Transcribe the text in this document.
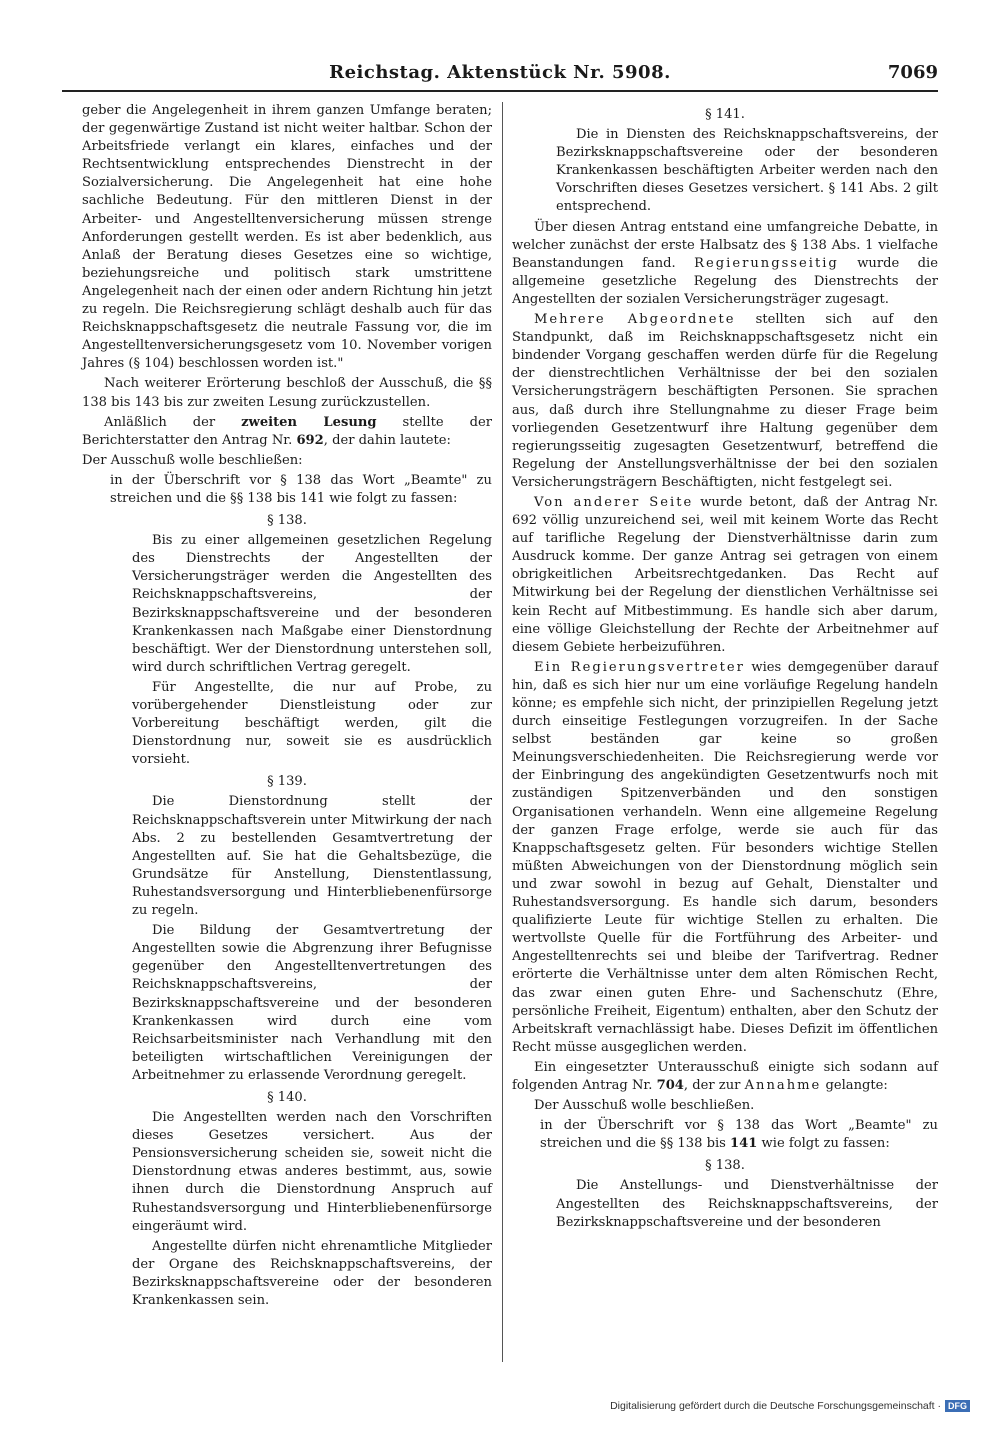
Reichstag. Aktenstück Nr. 5908.	7069

geber die Angelegenheit in ihrem ganzen Umfange beraten; der gegenwärtige Zustand ist nicht weiter haltbar. Schon der Arbeitsfriede verlangt ein klares, einfaches und der Rechtsentwicklung entsprechendes Dienstrecht in der Sozialversicherung. Die Angelegenheit hat eine hohe sachliche Bedeutung. Für den mittleren Dienst in der Arbeiter- und Angestelltenversicherung müssen strenge Anforderungen gestellt werden. Es ist aber bedenklich, aus Anlaß der Beratung dieses Gesetzes eine so wichtige, beziehungsreiche und politisch stark umstrittene Angelegenheit nach der einen oder andern Richtung hin jetzt zu regeln. Die Reichsregierung schlägt deshalb auch für das Reichsknappschaftsgesetz die neutrale Fassung vor, die im Angestelltenversicherungsgesetz vom 10. November vorigen Jahres (§ 104) beschlossen worden ist."

Nach weiterer Erörterung beschloß der Ausschuß, die §§ 138 bis 143 bis zur zweiten Lesung zurückzustellen.

Anläßlich der zweiten Lesung stellte der Berichterstatter den Antrag Nr. 692, der dahin lautete:

Der Ausschuß wolle beschließen:

in der Überschrift vor § 138 das Wort „Beamte" zu streichen und die §§ 138 bis 141 wie folgt zu fassen:

§ 138.

Bis zu einer allgemeinen gesetzlichen Regelung des Dienstrechts der Angestellten der Versicherungsträger werden die Angestellten des Reichsknappschaftsvereins, der Bezirksknappschaftsvereine und der besonderen Krankenkassen nach Maßgabe einer Dienstordnung beschäftigt. Wer der Dienstordnung unterstehen soll, wird durch schriftlichen Vertrag geregelt.

Für Angestellte, die nur auf Probe, zu vorübergehender Dienstleistung oder zur Vorbereitung beschäftigt werden, gilt die Dienstordnung nur, soweit sie es ausdrücklich vorsieht.

§ 139.

Die Dienstordnung stellt der Reichsknappschaftsverein unter Mitwirkung der nach Abs. 2 zu bestellenden Gesamtvertretung der Angestellten auf. Sie hat die Gehaltsbezüge, die Grundsätze für Anstellung, Dienstentlassung, Ruhestandsversorgung und Hinterbliebenenfürsorge zu regeln.

Die Bildung der Gesamtvertretung der Angestellten sowie die Abgrenzung ihrer Befugnisse gegenüber den Angestelltenvertretungen des Reichsknappschaftsvereins, der Bezirksknappschaftsvereine und der besonderen Krankenkassen wird durch eine vom Reichsarbeitsminister nach Verhandlung mit den beteiligten wirtschaftlichen Vereinigungen der Arbeitnehmer zu erlassende Verordnung geregelt.

§ 140.

Die Angestellten werden nach den Vorschriften dieses Gesetzes versichert. Aus der Pensionsversicherung scheiden sie, soweit nicht die Dienstordnung etwas anderes bestimmt, aus, sowie ihnen durch die Dienstordnung Anspruch auf Ruhestandsversorgung und Hinterbliebenenfürsorge eingeräumt wird.

Angestellte dürfen nicht ehrenamtliche Mitglieder der Organe des Reichsknappschaftsvereins, der Bezirksknappschaftsvereine oder der besonderen Krankenkassen sein.

§ 141.

Die in Diensten des Reichsknappschaftsvereins, der Bezirksknappschaftsvereine oder der besonderen Krankenkassen beschäftigten Arbeiter werden nach den Vorschriften dieses Gesetzes versichert. § 141 Abs. 2 gilt entsprechend.

Über diesen Antrag entstand eine umfangreiche Debatte, in welcher zunächst der erste Halbsatz des § 138 Abs. 1 vielfache Beanstandungen fand. Regierungsseitig wurde die allgemeine gesetzliche Regelung des Dienstrechts der Angestellten der sozialen Versicherungsträger zugesagt.

Mehrere Abgeordnete stellten sich auf den Standpunkt, daß im Reichsknappschaftsgesetz nicht ein bindender Vorgang geschaffen werden dürfe für die Regelung der dienstrechtlichen Verhältnisse der bei den sozialen Versicherungsträgern beschäftigten Personen. Sie sprachen aus, daß durch ihre Stellungnahme zu dieser Frage beim vorliegenden Gesetzentwurf ihre Haltung gegenüber dem regierungsseitig zugesagten Gesetzentwurf, betreffend die Regelung der Anstellungsverhältnisse der bei den sozialen Versicherungsträgern Beschäftigten, nicht festgelegt sei.

Von anderer Seite wurde betont, daß der Antrag Nr. 692 völlig unzureichend sei, weil mit keinem Worte das Recht auf tarifliche Regelung der Dienstverhältnisse darin zum Ausdruck komme. Der ganze Antrag sei getragen von einem obrigkeitlichen Arbeitsrechtgedanken. Das Recht auf Mitwirkung bei der Regelung der dienstlichen Verhältnisse sei kein Recht auf Mitbestimmung. Es handle sich aber darum, eine völlige Gleichstellung der Rechte der Arbeitnehmer auf diesem Gebiete herbeizuführen.

Ein Regierungsvertreter wies demgegenüber darauf hin, daß es sich hier nur um eine vorläufige Regelung handeln könne; es empfehle sich nicht, der prinzipiellen Regelung jetzt durch einseitige Festlegungen vorzugreifen. In der Sache selbst beständen gar keine so großen Meinungsverschiedenheiten. Die Reichsregierung werde vor der Einbringung des angekündigten Gesetzentwurfs noch mit zuständigen Spitzenverbänden und den sonstigen Organisationen verhandeln. Wenn eine allgemeine Regelung der ganzen Frage erfolge, werde sie auch für das Knappschaftsgesetz gelten. Für besonders wichtige Stellen müßten Abweichungen von der Dienstordnung möglich sein und zwar sowohl in bezug auf Gehalt, Dienstalter und Ruhestandsversorgung. Es handle sich darum, besonders qualifizierte Leute für wichtige Stellen zu erhalten. Die wertvollste Quelle für die Fortführung des Arbeiter- und Angestelltenrechts sei und bleibe der Tarifvertrag. Redner erörterte die Verhältnisse unter dem alten Römischen Recht, das zwar einen guten Ehre- und Sachenschutz (Ehre, persönliche Freiheit, Eigentum) enthalten, aber den Schutz der Arbeitskraft vernachlässigt habe. Dieses Defizit im öffentlichen Recht müsse ausgeglichen werden.

Ein eingesetzter Unterausschuß einigte sich sodann auf folgenden Antrag Nr. 704, der zur Annahme gelangte:

Der Ausschuß wolle beschließen.

in der Überschrift vor § 138 das Wort „Beamte" zu streichen und die §§ 138 bis 141 wie folgt zu fassen:

§ 138.

Die Anstellungs- und Dienstverhältnisse der Angestellten des Reichsknappschaftsvereins, der Bezirksknappschaftsvereine und der besonderen

Digitalisierung gefördert durch die Deutsche Forschungsgemeinschaft · DFG
